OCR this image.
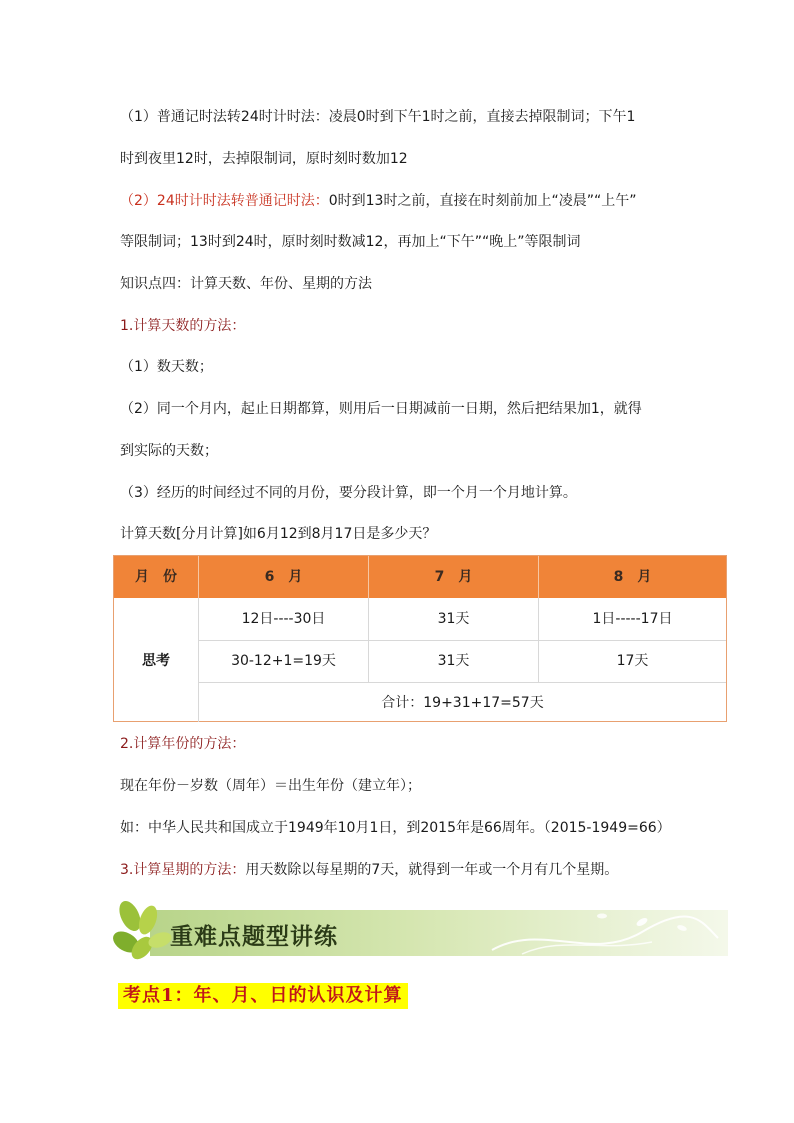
（1）普通记时法转24时计时法：凌晨0时到下午1时之前，直接去掉限制词；下午1
时到夜里12时，去掉限制词，原时刻时数加12
（2）24时计时法转普通记时法：0时到13时之前，直接在时刻前加上“凌晨”“上午”
等限制词；13时到24时，原时刻时数减12，再加上“下午”“晚上”等限制词
知识点四：计算天数、年份、星期的方法
1.计算天数的方法：
（1）数天数；
（2）同一个月内，起止日期都算，则用后一日期减前一日期，然后把结果加1，就得
到实际的天数；
（3）经历的时间经过不同的月份，要分段计算，即一个月一个月地计算。
计算天数[分月计算]如6月12到8月17日是多少天？
月　份	6　月	7　月	8　月
思考
12日----30日	31天	1日-----17日
30-12+1=19天	31天	17天
合计：19+31+17=57天
2.计算年份的方法：
现在年份－岁数（周年）＝出生年份（建立年）；
如：中华人民共和国成立于1949年10月1日，到2015年是66周年。（2015-1949=66）
3.计算星期的方法：用天数除以每星期的7天，就得到一年或一个月有几个星期。
重难点题型讲练
考点1：年、月、日的认识及计算
